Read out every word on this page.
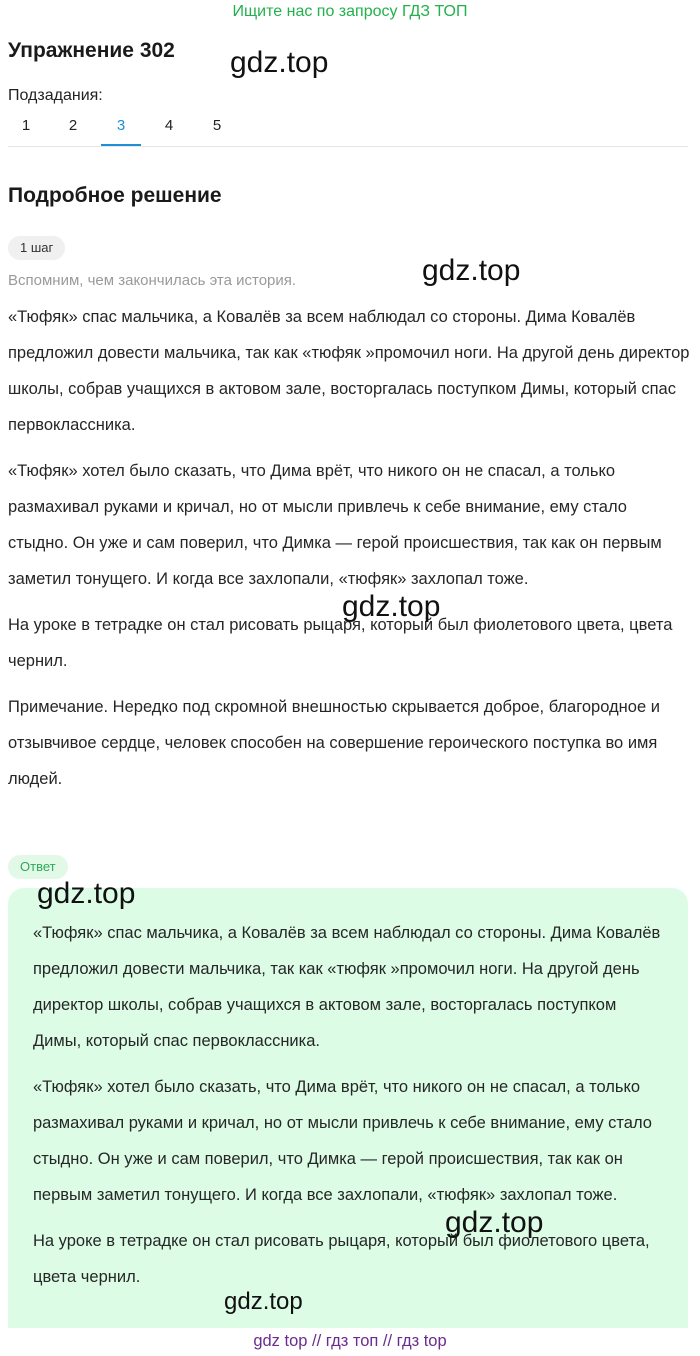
Ищите нас по запросу ГДЗ ТОП
Упражнение 302
Подзадания:
1	2	3	4	5
Подробное решение
1 шаг
Вспомним, чем закончилась эта история.

«Тюфяк» спас мальчика, а Ковалёв за всем наблюдал со стороны. Дима Ковалёв предложил довести мальчика, так как «тюфяк »промочил ноги. На другой день директор школы, собрав учащихся в актовом зале, восторгалась поступком Димы, который спас первоклассника.

«Тюфяк» хотел было сказать, что Дима врёт, что никого он не спасал, а только размахивал руками и кричал, но от мысли привлечь к себе внимание, ему стало стыдно. Он уже и сам поверил, что Димка — герой происшествия, так как он первым заметил тонущего. И когда все захлопали, «тюфяк» захлопал тоже.

На уроке в тетрадке он стал рисовать рыцаря, который был фиолетового цвета, цвета чернил.

Примечание. Нередко под скромной внешностью скрывается доброе, благородное и отзывчивое сердце, человек способен на совершение героического поступка во имя людей.

Ответ

«Тюфяк» спас мальчика, а Ковалёв за всем наблюдал со стороны. Дима Ковалёв предложил довести мальчика, так как «тюфяк »промочил ноги. На другой день директор школы, собрав учащихся в актовом зале, восторгалась поступком Димы, который спас первоклассника.

«Тюфяк» хотел было сказать, что Дима врёт, что никого он не спасал, а только размахивал руками и кричал, но от мысли привлечь к себе внимание, ему стало стыдно. Он уже и сам поверил, что Димка — герой происшествия, так как он первым заметил тонущего. И когда все захлопали, «тюфяк» захлопал тоже.

На уроке в тетрадке он стал рисовать рыцаря, который был фиолетового цвета, цвета чернил.

gdz.top
gdz.top
gdz.top
gdz.top
gdz.top
gdz.top
gdz top // гдз топ // гдз top
